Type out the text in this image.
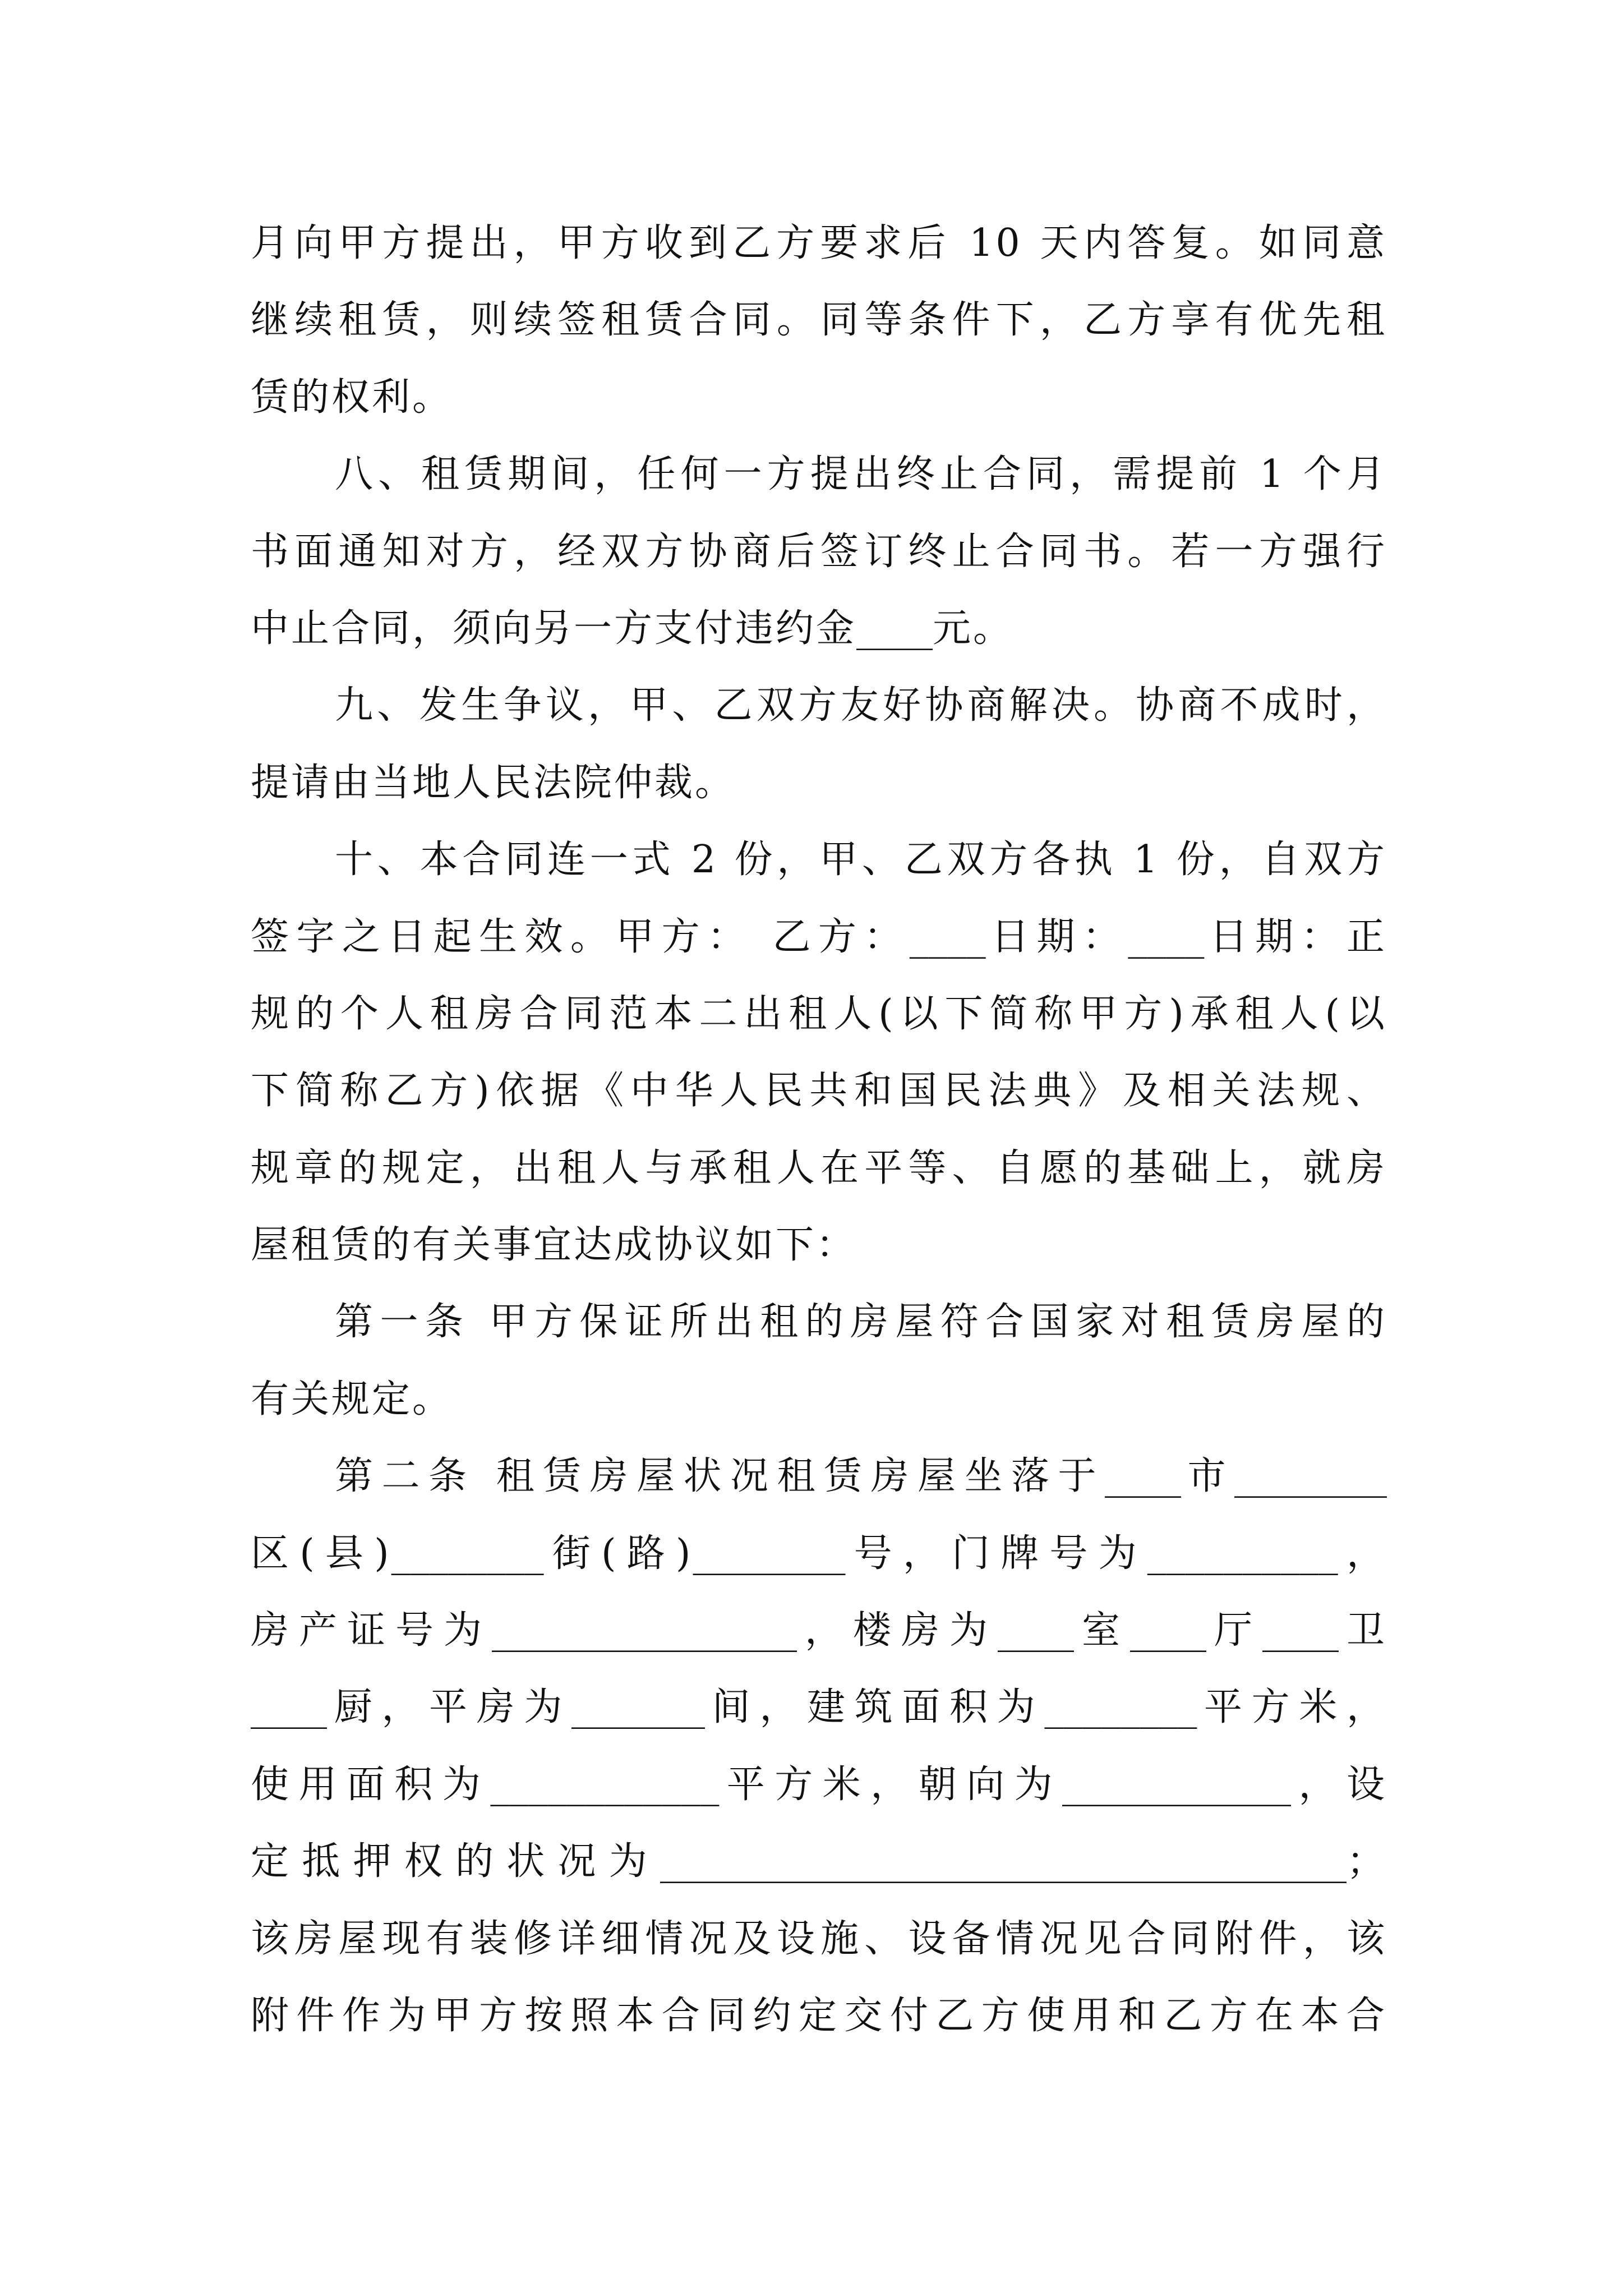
月向甲方提出，甲方收到乙方要求后 10 天内答复。如同意
继续租赁，则续签租赁合同。同等条件下，乙方享有优先租
赁的权利。
八、租赁期间，任何一方提出终止合同，需提前 1 个月
书面通知对方，经双方协商后签订终止合同书。若一方强行
中止合同，须向另一方支付违约金____元。
九、发生争议，甲、乙双方友好协商解决。协商不成时，
提请由当地人民法院仲裁。
十、本合同连一式 2 份，甲、乙双方各执 1 份，自双方
签字之日起生效。甲方： 乙方：____日期：____日期：正
规的个人租房合同范本二出租人(以下简称甲方)承租人(以
下简称乙方)依据《中华人民共和国民法典》及相关法规、
规章的规定，出租人与承租人在平等、自愿的基础上，就房
屋租赁的有关事宜达成协议如下：
第一条 甲方保证所出租的房屋符合国家对租赁房屋的
有关规定。
第二条 租赁房屋状况租赁房屋坐落于____市________
区(县)________街(路)________号，门牌号为__________，
房产证号为________________，楼房为____室____厅____卫
____厨，平房为_______间，建筑面积为________平方米，
使用面积为____________平方米，朝向为____________，设
定抵押权的状况为____________________________________；
该房屋现有装修详细情况及设施、设备情况见合同附件，该
附件作为甲方按照本合同约定交付乙方使用和乙方在本合
